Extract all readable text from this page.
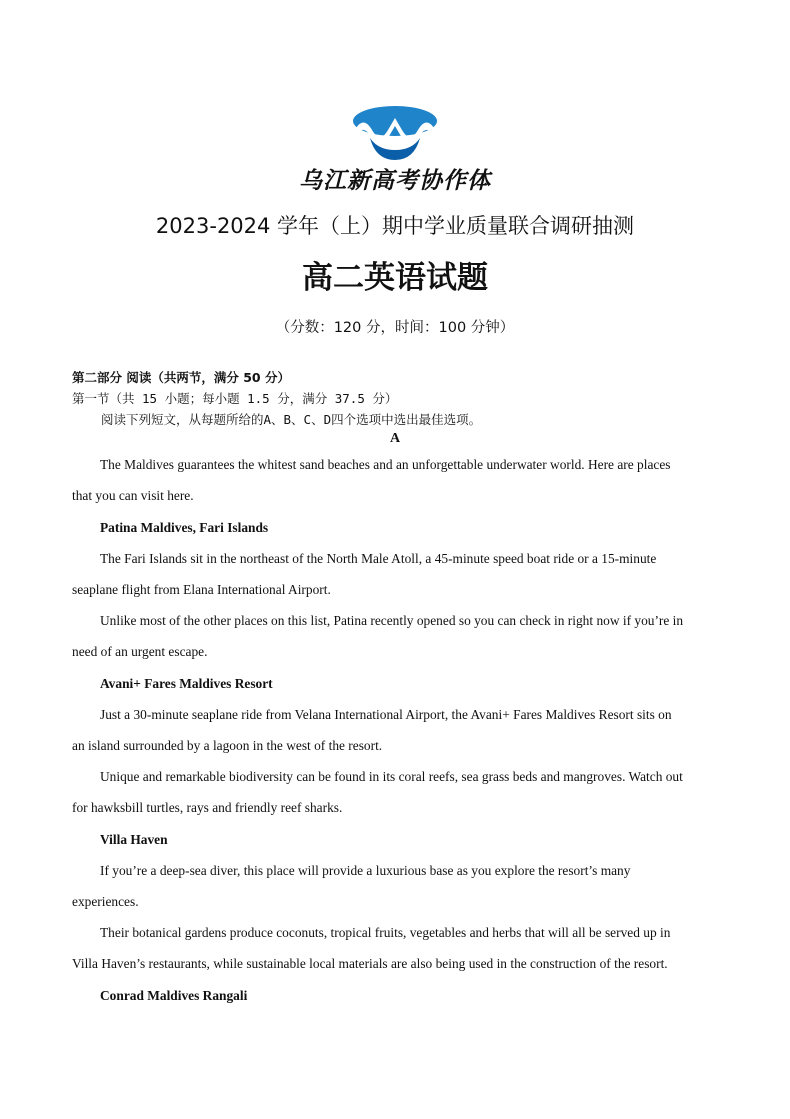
乌江新高考协作体
2023-2024 学年（上）期中学业质量联合调研抽测
高二英语试题
（分数：120 分，时间：100 分钟）
第二部分 阅读（共两节，满分 50 分）
第一节（共 15 小题；每小题 1.5 分，满分 37.5 分）
阅读下列短文，从每题所给的A、B、C、D四个选项中选出最佳选项。
A
The Maldives guarantees the whitest sand beaches and an unforgettable underwater world. Here are places
that you can visit here.
Patina Maldives, Fari Islands
The Fari Islands sit in the northeast of the North Male Atoll, a 45-minute speed boat ride or a 15-minute
seaplane flight from Elana International Airport.
Unlike most of the other places on this list, Patina recently opened so you can check in right now if you’re in
need of an urgent escape.
Avani+ Fares Maldives Resort
Just a 30-minute seaplane ride from Velana International Airport, the Avani+ Fares Maldives Resort sits on
an island surrounded by a lagoon in the west of the resort.
Unique and remarkable biodiversity can be found in its coral reefs, sea grass beds and mangroves. Watch out
for hawksbill turtles, rays and friendly reef sharks.
Villa Haven
If you’re a deep-sea diver, this place will provide a luxurious base as you explore the resort’s many
experiences.
Their botanical gardens produce coconuts, tropical fruits, vegetables and herbs that will all be served up in
Villa Haven’s restaurants, while sustainable local materials are also being used in the construction of the resort.
Conrad Maldives Rangali
